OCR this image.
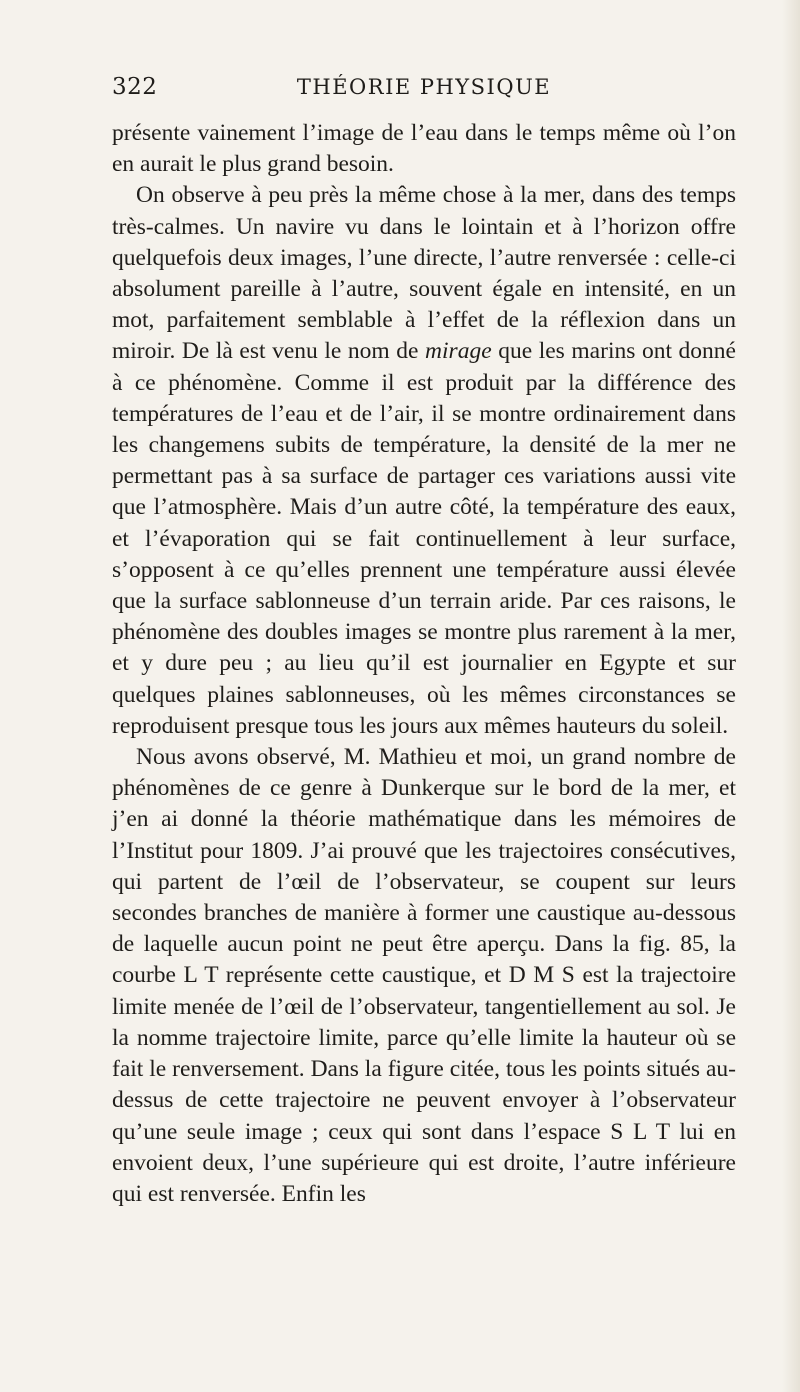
322	THÉORIE PHYSIQUE

présente vainement l’image de l’eau dans le temps même où l’on en aurait le plus grand besoin.

On observe à peu près la même chose à la mer, dans des temps très-calmes. Un navire vu dans le lointain et à l’horizon offre quelquefois deux images, l’une directe, l’autre renversée : celle-ci absolument pareille à l’autre, souvent égale en intensité, en un mot, parfaitement semblable à l’effet de la réflexion dans un miroir. De là est venu le nom de mirage que les marins ont donné à ce phénomène. Comme il est produit par la différence des températures de l’eau et de l’air, il se montre ordinairement dans les changemens subits de température, la densité de la mer ne permettant pas à sa surface de partager ces variations aussi vite que l’atmosphère. Mais d’un autre côté, la température des eaux, et l’évaporation qui se fait continuellement à leur surface, s’opposent à ce qu’elles prennent une température aussi élevée que la surface sablonneuse d’un terrain aride. Par ces raisons, le phénomène des doubles images se montre plus rarement à la mer, et y dure peu ; au lieu qu’il est journalier en Egypte et sur quelques plaines sablonneuses, où les mêmes circonstances se reproduisent presque tous les jours aux mêmes hauteurs du soleil.

Nous avons observé, M. Mathieu et moi, un grand nombre de phénomènes de ce genre à Dunkerque sur le bord de la mer, et j’en ai donné la théorie mathématique dans les mémoires de l’Institut pour 1809. J’ai prouvé que les trajectoires consécutives, qui partent de l’œil de l’observateur, se coupent sur leurs secondes branches de manière à former une caustique au-dessous de laquelle aucun point ne peut être aperçu. Dans la fig. 85, la courbe L T représente cette caustique, et D M S est la trajectoire limite menée de l’œil de l’observateur, tangentiellement au sol. Je la nomme trajectoire limite, parce qu’elle limite la hauteur où se fait le renversement. Dans la figure citée, tous les points situés au-dessus de cette trajectoire ne peuvent envoyer à l’observateur qu’une seule image ; ceux qui sont dans l’espace S L T lui en envoient deux, l’une supérieure qui est droite, l’autre inférieure qui est renversée. Enfin les
